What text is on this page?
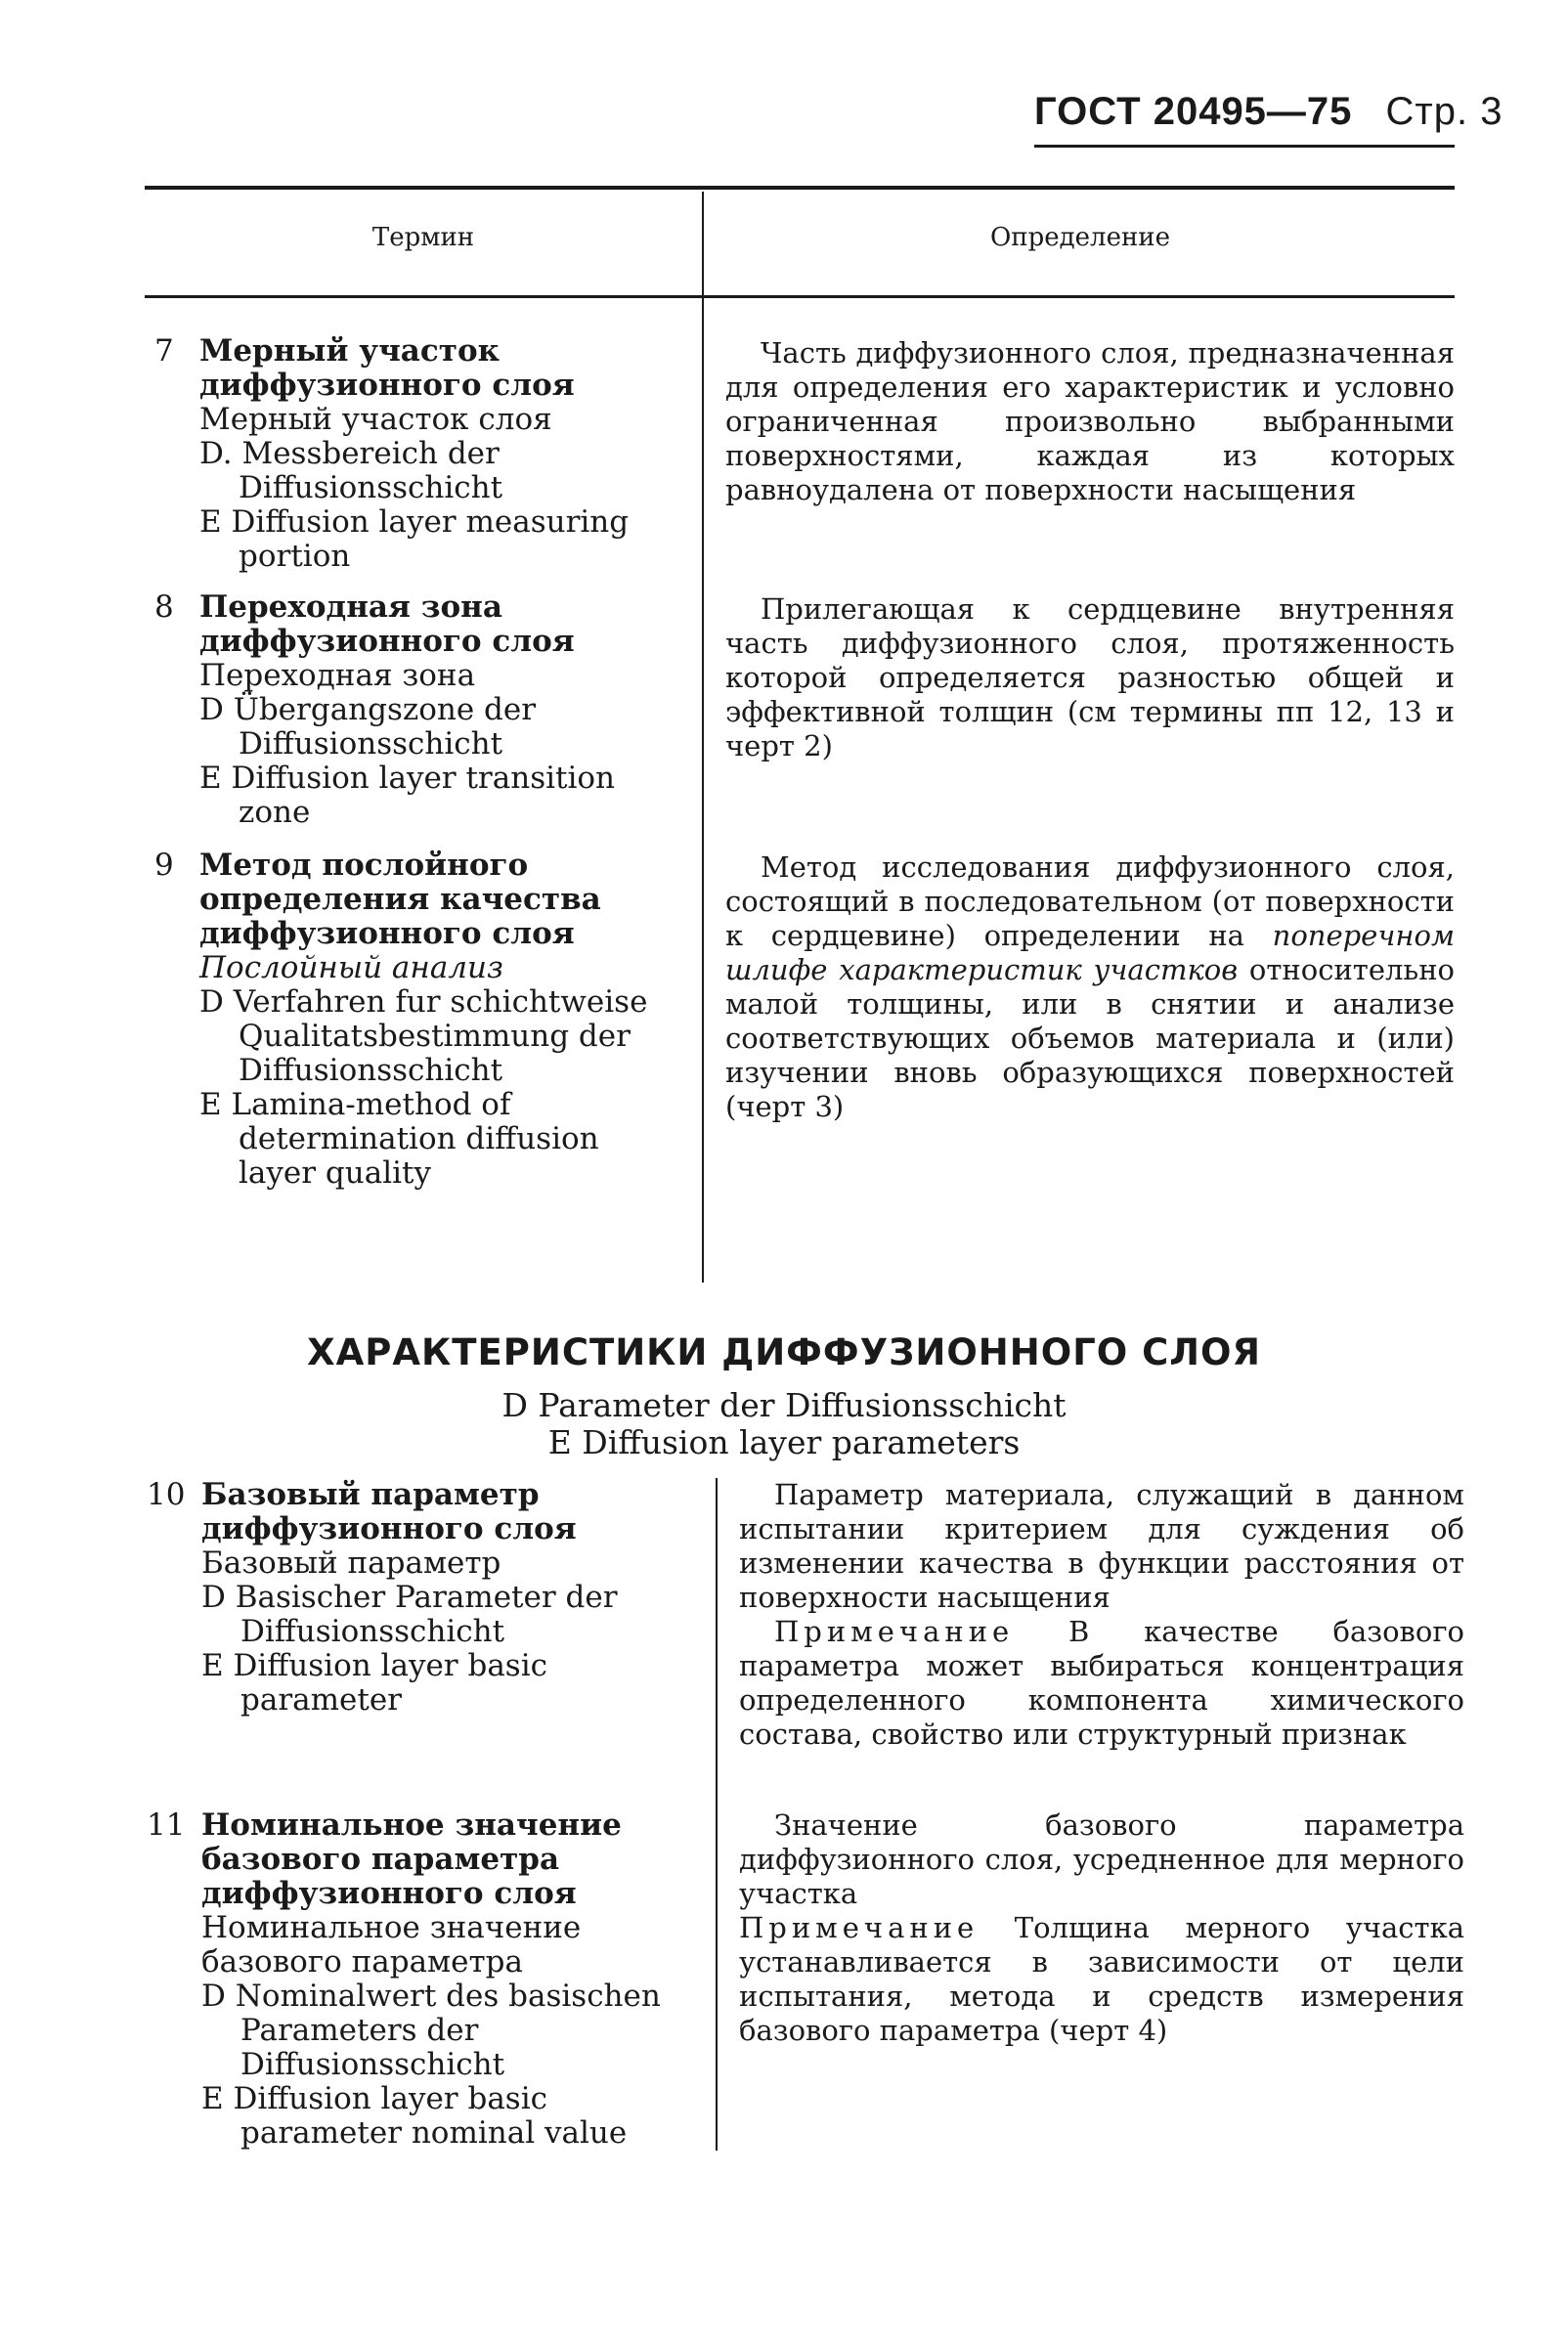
ГОСТ 20495—75 Стр. 3
Термин	Определение
7 Мерный участок диффузионного слоя
Мерный участок слоя
D. Messbereich der Diffusionsschicht
E Diffusion layer measuring portion
Часть диффузионного слоя, предназначенная для определения его характеристик и условно ограниченная произвольно выбранными поверхностями, каждая из которых равноудалена от поверхности насыщения
8 Переходная зона диффузионного слоя
Переходная зона
D Übergangszone der Diffusionsschicht
E Diffusion layer transition zone
Прилегающая к сердцевине внутренняя часть диффузионного слоя, протяженность которой определяется разностью общей и эффективной толщин (см термины пп 12, 13 и черт 2)
9 Метод послойного определения качества диффузионного слоя
Послойный анализ
D Verfahren fur schichtweise Qualitatsbestimmung der Diffusionsschicht
E Lamina-method of determination diffusion layer quality
Метод исследования диффузионного слоя, состоящий в последовательном (от поверхности к сердцевине) определении на поперечном шлифе характеристик участков относительно малой толщины, или в снятии и анализе соответствующих объемов материала и (или) изучении вновь образующихся поверхностей (черт 3)
ХАРАКТЕРИСТИКИ ДИФФУЗИОННОГО СЛОЯ
D Parameter der Diffusionsschicht
E Diffusion layer parameters
10 Базовый параметр диффузионного слоя
Базовый параметр
D Basischer Parameter der Diffusionsschicht
E Diffusion layer basic parameter
Параметр материала, служащий в данном испытании критерием для суждения об изменении качества в функции расстояния от поверхности насыщения
Примечание В качестве базового параметра может выбираться концентрация определенного компонента химического состава, свойство или структурный признак
11 Номинальное значение базового параметра диффузионного слоя
Номинальное значение базового параметра
D Nominalwert des basischen Parameters der Diffusionsschicht
E Diffusion layer basic parameter nominal value
Значение базового параметра диффузионного слоя, усредненное для мерного участка
Примечание Толщина мерного участка устанавливается в зависимости от цели испытания, метода и средств измерения базового параметра (черт 4)
